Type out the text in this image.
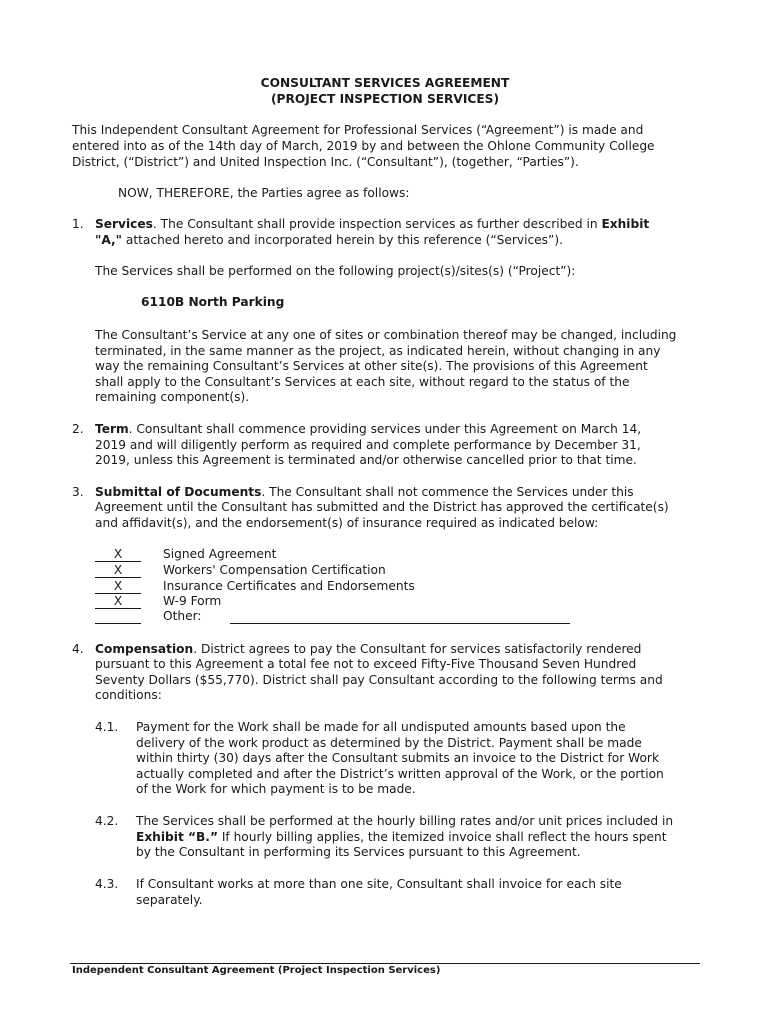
CONSULTANT SERVICES AGREEMENT
(PROJECT INSPECTION SERVICES)
This Independent Consultant Agreement for Professional Services (“Agreement”) is made and
entered into as of the 14th day of March, 2019 by and between the Ohlone Community College
District, (“District”) and United Inspection Inc. (“Consultant”), (together, “Parties”).
NOW, THEREFORE, the Parties agree as follows:
1. Services. The Consultant shall provide inspection services as further described in Exhibit
"A," attached hereto and incorporated herein by this reference (“Services”).
The Services shall be performed on the following project(s)/sites(s) (“Project”):
6110B North Parking
The Consultant’s Service at any one of sites or combination thereof may be changed, including
terminated, in the same manner as the project, as indicated herein, without changing in any
way the remaining Consultant’s Services at other site(s). The provisions of this Agreement
shall apply to the Consultant’s Services at each site, without regard to the status of the
remaining component(s).
2. Term. Consultant shall commence providing services under this Agreement on March 14,
2019 and will diligently perform as required and complete performance by December 31,
2019, unless this Agreement is terminated and/or otherwise cancelled prior to that time.
3. Submittal of Documents. The Consultant shall not commence the Services under this
Agreement until the Consultant has submitted and the District has approved the certificate(s)
and affidavit(s), and the endorsement(s) of insurance required as indicated below:
X	Signed Agreement
X	Workers' Compensation Certification
X	Insurance Certificates and Endorsements
X	W-9 Form
Other:
4. Compensation. District agrees to pay the Consultant for services satisfactorily rendered
pursuant to this Agreement a total fee not to exceed Fifty-Five Thousand Seven Hundred
Seventy Dollars ($55,770). District shall pay Consultant according to the following terms and
conditions:
4.1. Payment for the Work shall be made for all undisputed amounts based upon the
delivery of the work product as determined by the District. Payment shall be made
within thirty (30) days after the Consultant submits an invoice to the District for Work
actually completed and after the District’s written approval of the Work, or the portion
of the Work for which payment is to be made.
4.2. The Services shall be performed at the hourly billing rates and/or unit prices included in
Exhibit “B.” If hourly billing applies, the itemized invoice shall reflect the hours spent
by the Consultant in performing its Services pursuant to this Agreement.
4.3. If Consultant works at more than one site, Consultant shall invoice for each site
separately.
Independent Consultant Agreement (Project Inspection Services)
